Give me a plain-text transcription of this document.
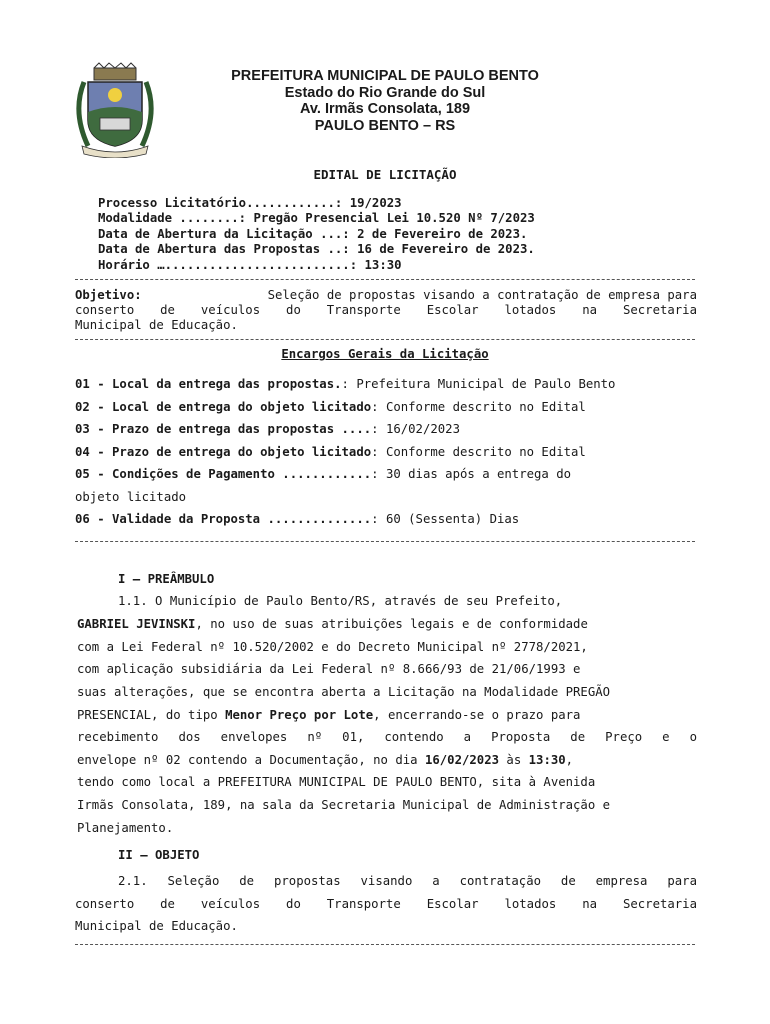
PREFEITURA MUNICIPAL DE PAULO BENTO
Estado do Rio Grande do Sul
Av. Irmãs Consolata, 189
PAULO BENTO – RS
EDITAL DE LICITAÇÃO
Processo Licitatório............: 19/2023
Modalidade ........: Pregão Presencial Lei 10.520 Nº 7/2023
Data de Abertura da Licitação ...: 2 de Fevereiro de 2023.
Data de Abertura das Propostas ..: 16 de Fevereiro de 2023.
Horário ….........................: 13:30
Objetivo:	Seleção de propostas visando a contratação de empresa para
conserto de veículos do Transporte Escolar lotados na Secretaria
Municipal de Educação.
Encargos Gerais da Licitação
01 - Local da entrega das propostas.: Prefeitura Municipal de Paulo Bento
02 - Local de entrega do objeto licitado: Conforme descrito no Edital
03 - Prazo de entrega das propostas ....: 16/02/2023
04 - Prazo de entrega do objeto licitado: Conforme descrito no Edital
05 - Condições de Pagamento ............: 30 dias após a entrega do
objeto licitado
06 - Validade da Proposta ..............: 60 (Sessenta) Dias
I – PREÂMBULO
1.1. O Município de Paulo Bento/RS, através de seu Prefeito,
GABRIEL JEVINSKI, no uso de suas atribuições legais e de conformidade
com a Lei Federal nº 10.520/2002 e do Decreto Municipal nº 2778/2021,
com aplicação subsidiária da Lei Federal nº 8.666/93 de 21/06/1993 e
suas alterações, que se encontra aberta a Licitação na Modalidade PREGÃO
PRESENCIAL, do tipo Menor Preço por Lote, encerrando-se o prazo para
recebimento dos envelopes nº 01, contendo a Proposta de Preço e o
envelope nº 02 contendo a Documentação, no dia 16/02/2023 às 13:30,
tendo como local a PREFEITURA MUNICIPAL DE PAULO BENTO, sita à Avenida
Irmãs Consolata, 189, na sala da Secretaria Municipal de Administração e
Planejamento.
II – OBJETO
2.1. Seleção de propostas visando a contratação de empresa para
conserto de veículos do Transporte Escolar lotados na Secretaria
Municipal de Educação.
